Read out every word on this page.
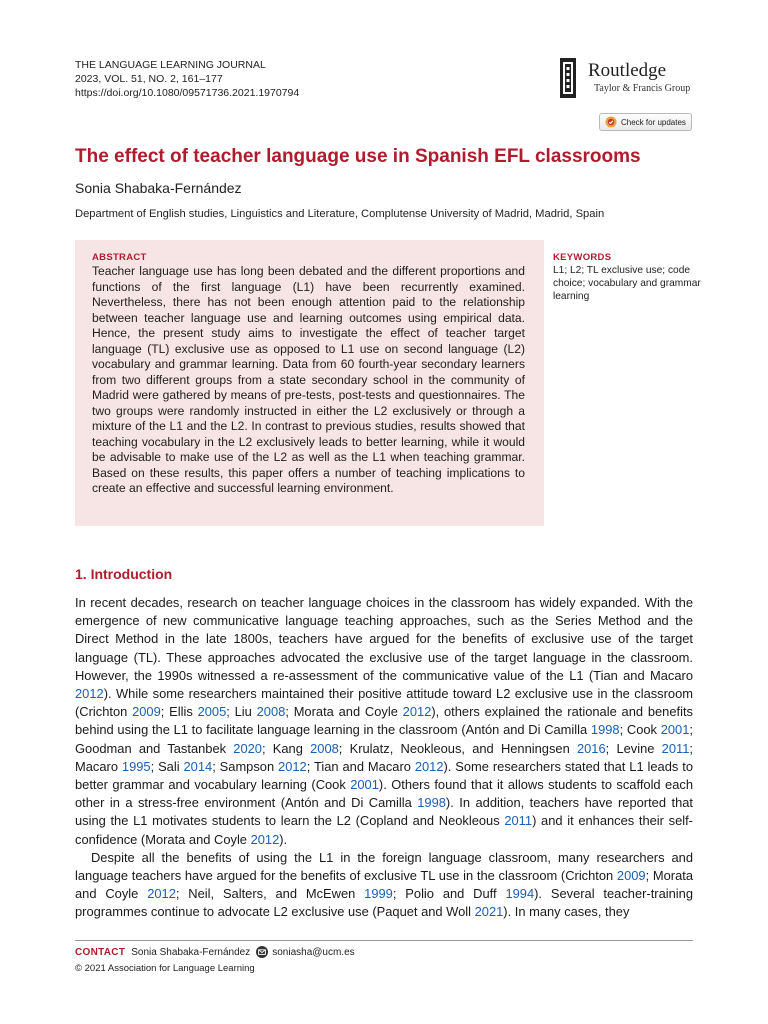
THE LANGUAGE LEARNING JOURNAL
2023, VOL. 51, NO. 2, 161–177
https://doi.org/10.1080/09571736.2021.1970794
Routledge
Taylor & Francis Group
Check for updates
The effect of teacher language use in Spanish EFL classrooms
Sonia Shabaka-Fernández
Department of English studies, Linguistics and Literature, Complutense University of Madrid, Madrid, Spain
ABSTRACT

Teacher language use has long been debated and the different proportions and functions of the first language (L1) have been recurrently examined. Nevertheless, there has not been enough attention paid to the relationship between teacher language use and learning outcomes using empirical data. Hence, the present study aims to investigate the effect of teacher target language (TL) exclusive use as opposed to L1 use on second language (L2) vocabulary and grammar learning. Data from 60 fourth-year secondary learners from two different groups from a state secondary school in the community of Madrid were gathered by means of pre-tests, post-tests and questionnaires. The two groups were randomly instructed in either the L2 exclusively or through a mixture of the L1 and the L2. In contrast to previous studies, results showed that teaching vocabulary in the L2 exclusively leads to better learning, while it would be advisable to make use of the L2 as well as the L1 when teaching grammar. Based on these results, this paper offers a number of teaching implications to create an effective and successful learning environment.

KEYWORDS

L1; L2; TL exclusive use; code choice; vocabulary and grammar learning

1. Introduction

In recent decades, research on teacher language choices in the classroom has widely expanded. With the emergence of new communicative language teaching approaches, such as the Series Method and the Direct Method in the late 1800s, teachers have argued for the benefits of exclusive use of the target language (TL). These approaches advocated the exclusive use of the target language in the classroom. However, the 1990s witnessed a re-assessment of the communicative value of the L1 (Tian and Macaro 2012). While some researchers maintained their positive attitude toward L2 exclusive use in the classroom (Crichton 2009; Ellis 2005; Liu 2008; Morata and Coyle 2012), others explained the rationale and benefits behind using the L1 to facilitate language learning in the classroom (Antón and Di Camilla 1998; Cook 2001; Goodman and Tastanbek 2020; Kang 2008; Krulatz, Neokleous, and Henningsen 2016; Levine 2011; Macaro 1995; Sali 2014; Sampson 2012; Tian and Macaro 2012). Some researchers stated that L1 leads to better grammar and vocabulary learning (Cook 2001). Others found that it allows students to scaffold each other in a stress-free environment (Antón and Di Camilla 1998). In addition, teachers have reported that using the L1 motivates students to learn the L2 (Copland and Neokleous 2011) and it enhances their self-confidence (Morata and Coyle 2012).

Despite all the benefits of using the L1 in the foreign language classroom, many researchers and language teachers have argued for the benefits of exclusive TL use in the classroom (Crichton 2009; Morata and Coyle 2012; Neil, Salters, and McEwen 1999; Polio and Duff 1994). Several teacher-training programmes continue to advocate L2 exclusive use (Paquet and Woll 2021). In many cases, they

CONTACT Sonia Shabaka-Fernández soniasha@ucm.es
© 2021 Association for Language Learning
